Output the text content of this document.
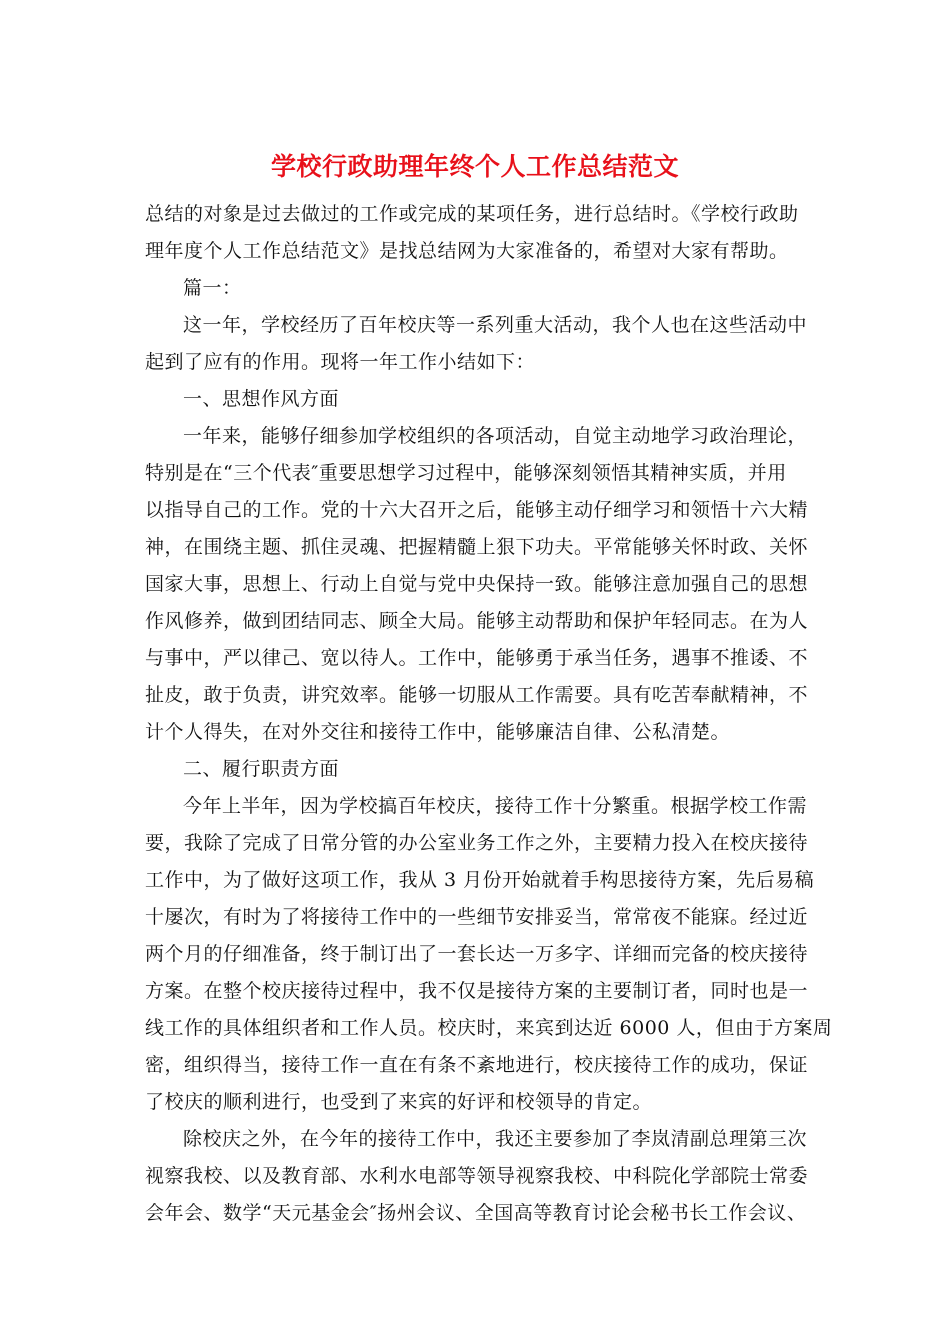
学校行政助理年终个人工作总结范文
总结的对象是过去做过的工作或完成的某项任务，进行总结时。《学校行政助
理年度个人工作总结范文》是找总结网为大家准备的，希望对大家有帮助。
篇一：
这一年，学校经历了百年校庆等一系列重大活动，我个人也在这些活动中
起到了应有的作用。现将一年工作小结如下：
一、思想作风方面
一年来，能够仔细参加学校组织的各项活动，自觉主动地学习政治理论，
特别是在“三个代表″重要思想学习过程中，能够深刻领悟其精神实质，并用
以指导自己的工作。党的十六大召开之后，能够主动仔细学习和领悟十六大精
神，在围绕主题、抓住灵魂、把握精髓上狠下功夫。平常能够关怀时政、关怀
国家大事，思想上、行动上自觉与党中央保持一致。能够注意加强自己的思想
作风修养，做到团结同志、顾全大局。能够主动帮助和保护年轻同志。在为人
与事中，严以律己、宽以待人。工作中，能够勇于承当任务，遇事不推诿、不
扯皮，敢于负责，讲究效率。能够一切服从工作需要。具有吃苦奉献精神，不
计个人得失，在对外交往和接待工作中，能够廉洁自律、公私清楚。
二、履行职责方面
今年上半年，因为学校搞百年校庆，接待工作十分繁重。根据学校工作需
要，我除了完成了日常分管的办公室业务工作之外，主要精力投入在校庆接待
工作中，为了做好这项工作，我从 3 月份开始就着手构思接待方案，先后易稿
十屡次，有时为了将接待工作中的一些细节安排妥当，常常夜不能寐。经过近
两个月的仔细准备，终于制订出了一套长达一万多字、详细而完备的校庆接待
方案。在整个校庆接待过程中，我不仅是接待方案的主要制订者，同时也是一
线工作的具体组织者和工作人员。校庆时，来宾到达近 6000 人，但由于方案周
密，组织得当，接待工作一直在有条不紊地进行，校庆接待工作的成功，保证
了校庆的顺利进行，也受到了来宾的好评和校领导的肯定。
除校庆之外，在今年的接待工作中，我还主要参加了李岚清副总理第三次
视察我校、以及教育部、水利水电部等领导视察我校、中科院化学部院士常委
会年会、数学“天元基金会″扬州会议、全国高等教育讨论会秘书长工作会议、
